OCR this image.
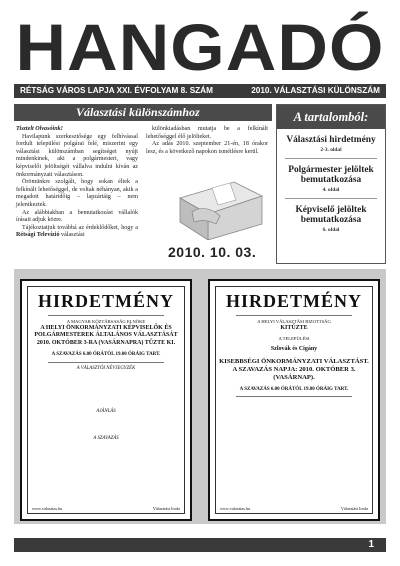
HANGADÓ
RÉTSÁG VÁROS LAPJA XXI. ÉVFOLYAM 8. SZÁM	2010. VÁLASZTÁSI KÜLÖNSZÁM
Választási különszámhoz

Tisztelt Olvasóink!

Havilapunk szerkesztősége egy felhívással fordult települési polgárai felé, miszerint egy választási különszámban segítséget nyújt mindenkinek, aki a polgármesteri, vagy képviselői jelöltségét vállalva indulni kíván az önkormányzati választáson.

Örömünkre szolgált, hogy sokan éltek a felkínált lehetőséggel, de voltak néhányan, akik a megadott határidőig – lapzártáig – nem jelentkeztek.

Az alábbiakban a bemutatkozást vállalók írásait adjuk közre.

Tájékoztatjuk továbbá az érdeklődőket, hogy a Rétsági Televízió választási

különkiadásban mutatja be a felkínált lehetőséggel élő jelölteket.

Az adás 2010. szeptember 21-én, 18 órakor lesz, és a következő napokon ismétlésre kerül.

2010. 10. 03.
A tartalomból:
Választási hirdetmény
2-3. oldal
Polgármester jelöltek bemutatkozása
4. oldal
Képviselő jelöltek bemutatkozása
6. oldal
HIRDETMÉNY
A MAGYAR KÖZTÁRSASÁG ELNÖKE
A HELYI ÖNKORMÁNYZATI KÉPVISELŐK ÉS POLGÁRMESTEREK ÁLTALÁNOS VÁLASZTÁSÁT
2010. OKTÓBER 3-RA (VASÁRNAPRA) TŰZTE KI.
A SZAVAZÁS 6.00 ÓRÁTÓL 19.00 ÓRÁIG TART.
A VÁLASZTÓI NÉVJEGYZÉK
AJÁNLÁS
A SZAVAZÁS
www.valasztas.hu	Választási Iroda
HIRDETMÉNY
A HELYI VÁLASZTÁSI BIZOTTSÁG
KITŰZTE
A TELEPÜLÉSI
Szlovák és Cigány
KISEBBSÉGI ÖNKORMÁNYZATI VÁLASZTÁST.
A SZAVAZÁS NAPJA: 2010. OKTÓBER 3. (VASÁRNAP).
A SZAVAZÁS 6.00 ÓRÁTÓL 19.00 ÓRÁIG TART.
www.valasztas.hu	Választási Iroda
1
